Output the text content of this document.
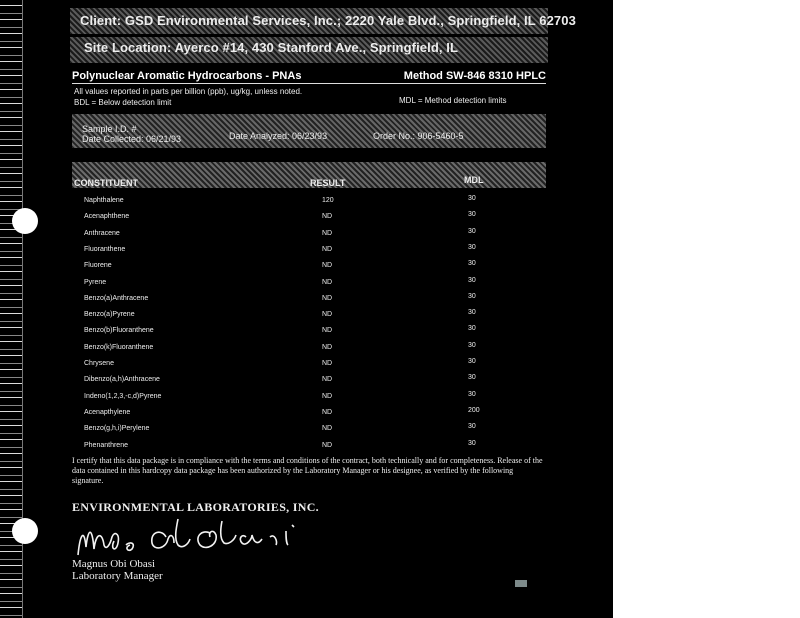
Client: GSD Environmental Services, Inc.; 2220 Yale Blvd., Springfield, IL 62703
Site Location: Ayerco #14, 430 Stanford Ave., Springfield, IL
Polynuclear Aromatic Hydrocarbons - PNAs	Method SW-846 8310 HPLC
All values reported in parts per billion (ppb), ug/kg, unless noted.
BDL = Below detection limit	MDL = Method detection limits
Sample I.D. #
Date Collected: 06/21/93	Date Analyzed: 06/23/93	Order No.: 906-5460-5
CONSTITUENT	RESULT	MDL
Naphthalene	120	30
Acenaphthene	ND	30
Anthracene	ND	30
Fluoranthene	ND	30
Fluorene	ND	30
Pyrene	ND	30
Benzo(a)Anthracene	ND	30
Benzo(a)Pyrene	ND	30
Benzo(b)Fluoranthene	ND	30
Benzo(k)Fluoranthene	ND	30
Chrysene	ND	30
Dibenzo(a,h)Anthracene	ND	30
Indeno(1,2,3,-c,d)Pyrene	ND	30
Acenapthylene	ND	200
Benzo(g,h,i)Perylene	ND	30
Phenanthrene	ND	30
I certify that this data package is in compliance with the terms and conditions of the contract, both technically and for completeness. Release of the data contained in this hardcopy data package has been authorized by the Laboratory Manager or his designee, as verified by the following signature.
ENVIRONMENTAL LABORATORIES, INC.
Magnus Obi Obasi
Laboratory Manager
